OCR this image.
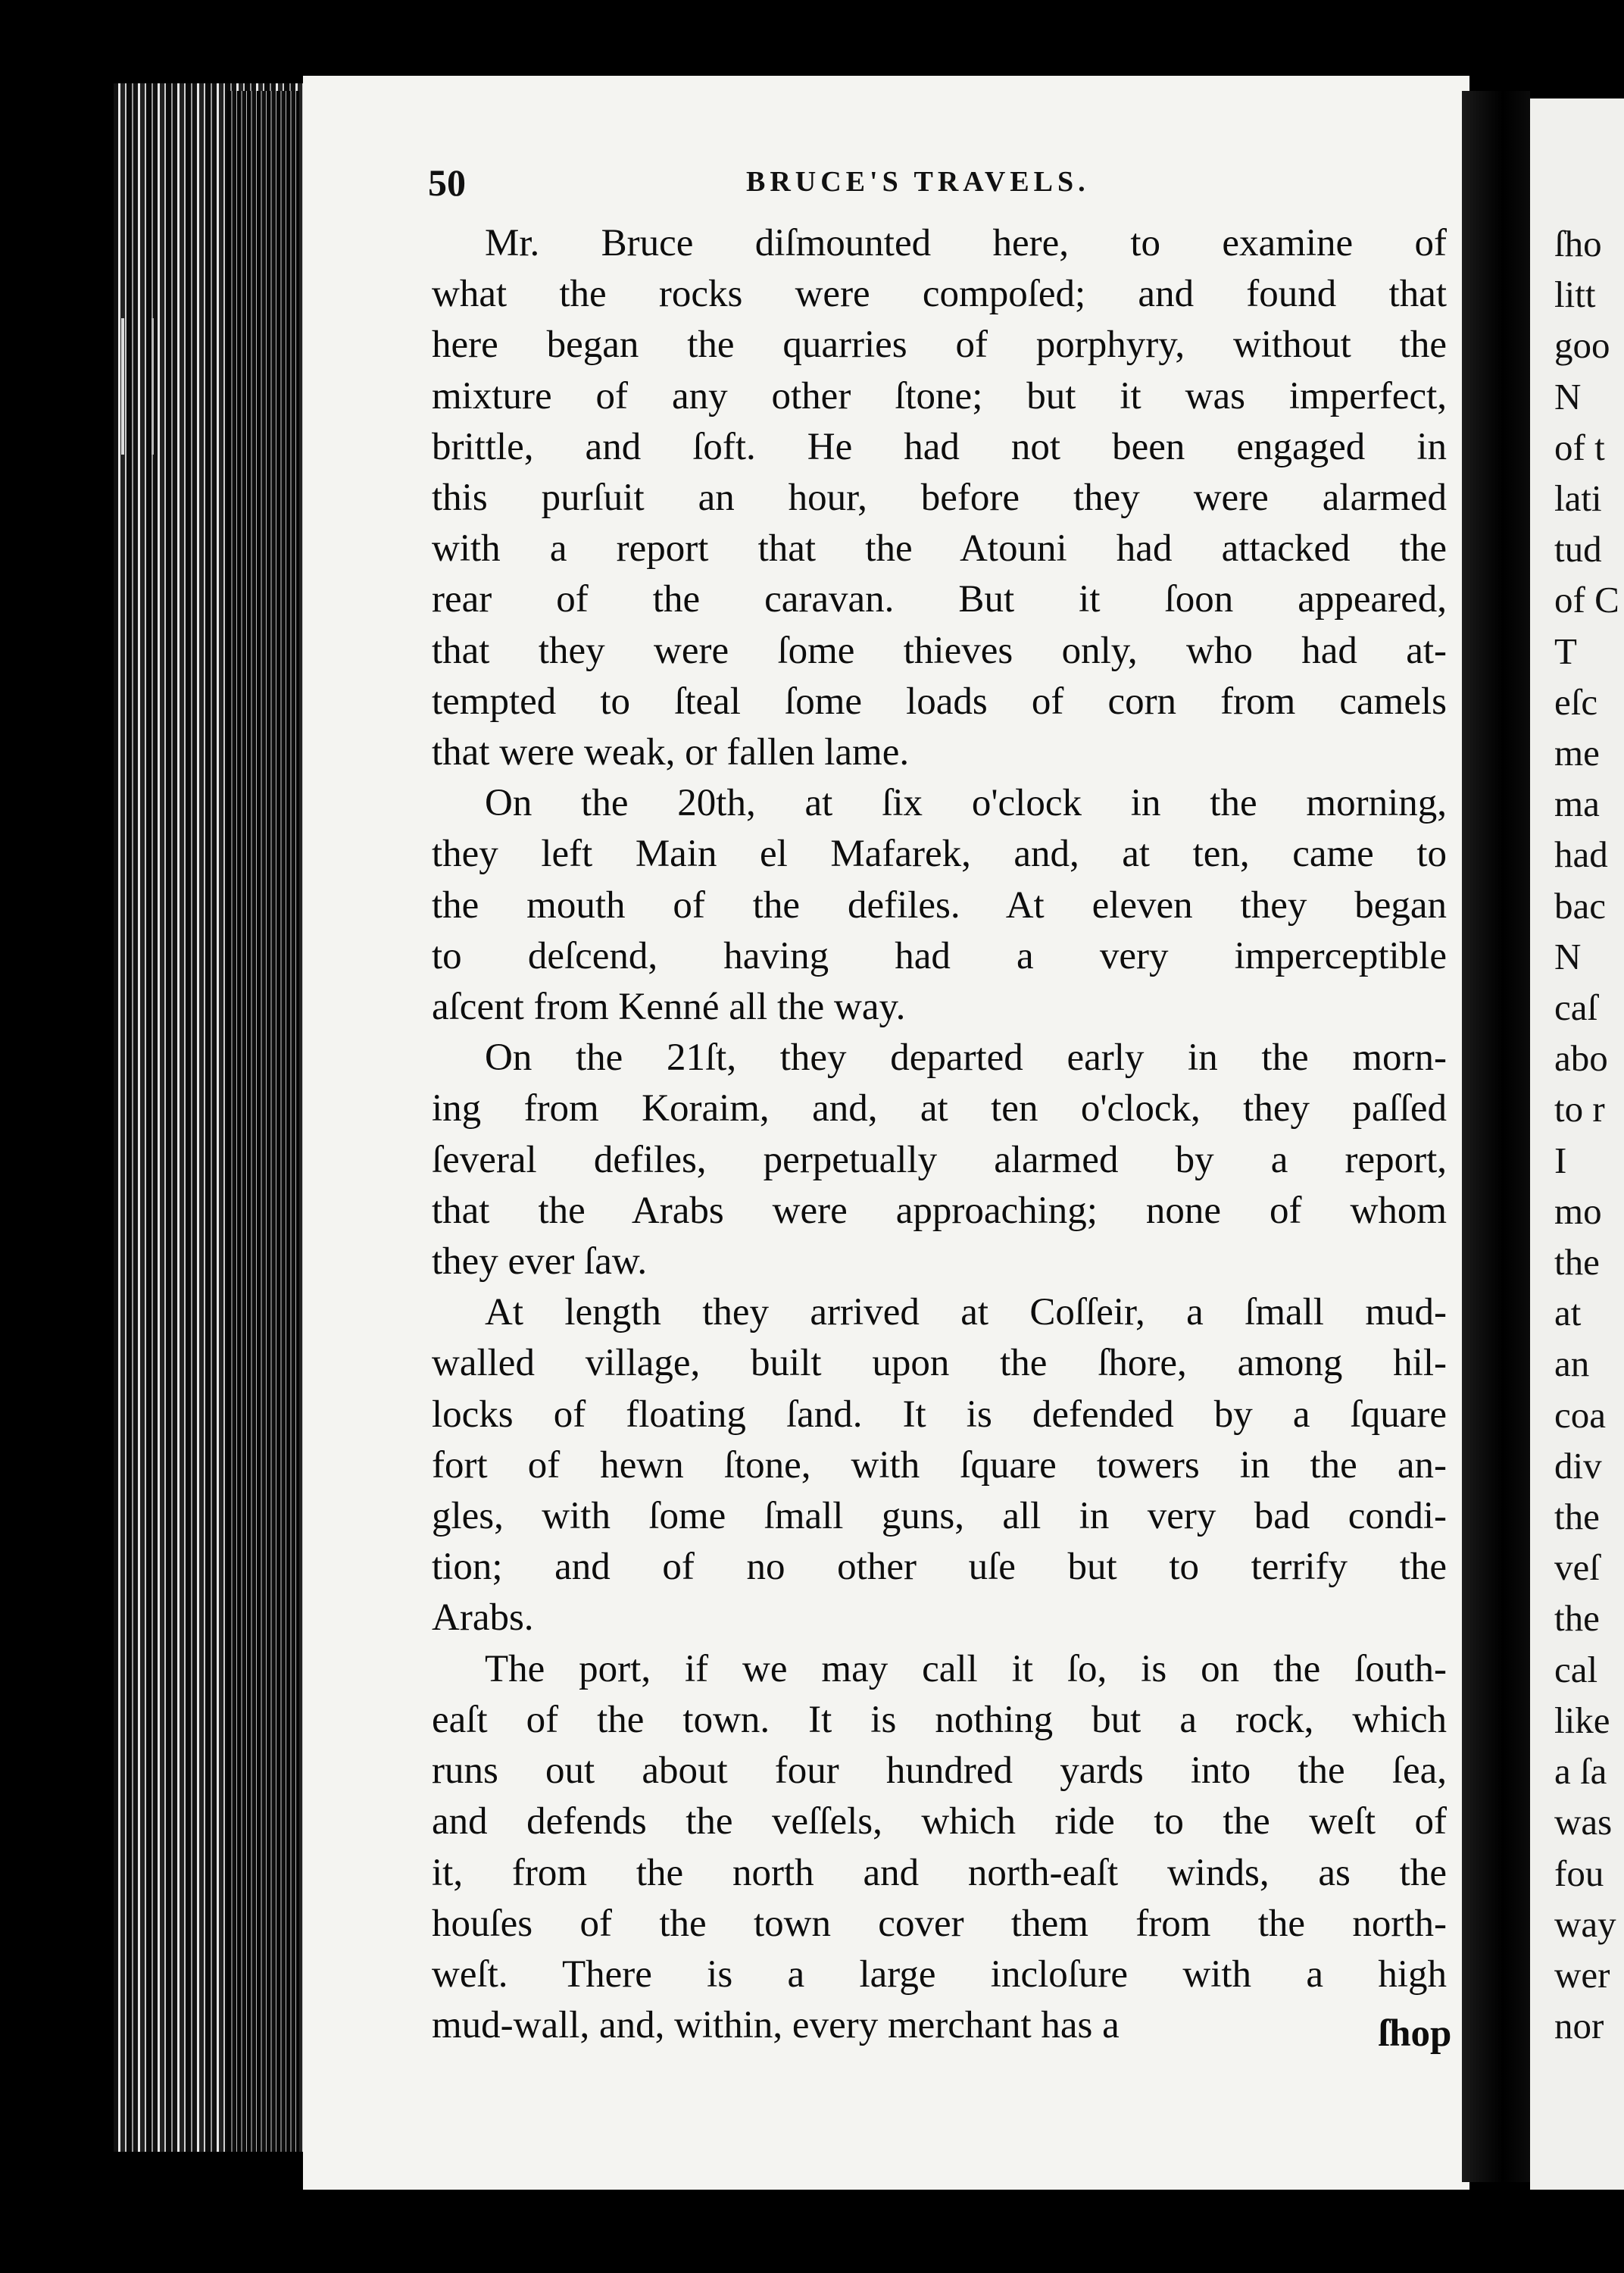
50	BRUCE'S TRAVELS.
Mr. Bruce diſmounted here, to examine of
what the rocks were compoſed; and found that
here began the quarries of porphyry, without the
mixture of any other ſtone; but it was imperfect,
brittle, and ſoft. He had not been engaged in
this purſuit an hour, before they were alarmed
with a report that the Atouni had attacked the
rear of the caravan. But it ſoon appeared,
that they were ſome thieves only, who had at-
tempted to ſteal ſome loads of corn from camels
that were weak, or fallen lame.
On the 20th, at ſix o'clock in the morning,
they left Main el Mafarek, and, at ten, came to
the mouth of the defiles. At eleven they began
to deſcend, having had a very imperceptible
aſcent from Kenné all the way.
On the 21ſt, they departed early in the morn-
ing from Koraim, and, at ten o'clock, they paſſed
ſeveral defiles, perpetually alarmed by a report,
that the Arabs were approaching; none of whom
they ever ſaw.
At length they arrived at Coſſeir, a ſmall mud-
walled village, built upon the ſhore, among hil-
locks of floating ſand. It is defended by a ſquare
fort of hewn ſtone, with ſquare towers in the an-
gles, with ſome ſmall guns, all in very bad condi-
tion; and of no other uſe but to terrify the
Arabs.
The port, if we may call it ſo, is on the ſouth-
eaſt of the town. It is nothing but a rock, which
runs out about four hundred yards into the ſea,
and defends the veſſels, which ride to the weſt of
it, from the north and north-eaſt winds, as the
houſes of the town cover them from the north-
weſt. There is a large incloſure with a high
mud-wall, and, within, every merchant has a	ſhop
ſho
litt
goo
N
of t
lati
tud
of C
T
eſc
me
ma
had
bac
N
caſ
abo
to r
I
mo
the
at
an
coa
div
the
veſ
the
cal
like
a ſa
was
fou
way
wer
nor
